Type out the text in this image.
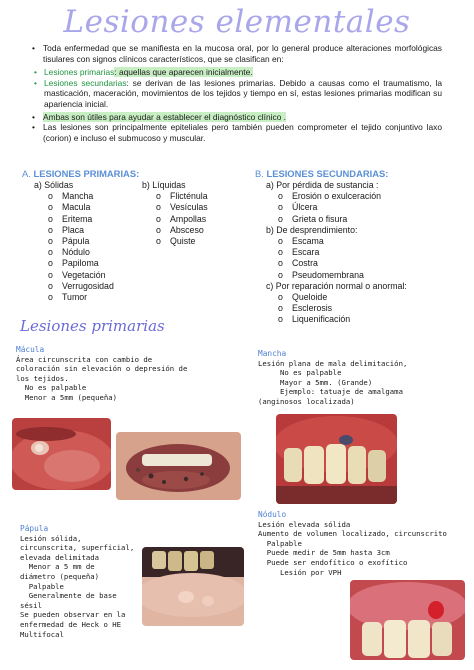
Lesiones elementales
• Toda enfermedad que se manifiesta en la mucosa oral, por lo general produce alteraciones morfológicas tisulares con signos clínicos característicos, que se clasifican en:
• Lesiones primarias: aquellas que aparecen inicialmente.
• Lesiones secundarias: se derivan de las lesiones primarias. Debido a causas como el traumatismo, la masticación, maceración, movimientos de los tejidos y tiempo en sí, estas lesiones primarias modifican su apariencia inicial.
• Ambas son útiles para ayudar a establecer el diagnóstico clínico .
• Las lesiones son principalmente epiteliales pero también pueden comprometer el tejido conjuntivo laxo (corion) e incluso el submucoso y muscular.
A. LESIONES PRIMARIAS:
a) Sólidas
o Mancha
o Macula
o Eritema
o Placa
o Pápula
o Nódulo
o Papiloma
o Vegetación
o Verrugosidad
o Tumor
b) Líquidas
o Flicténula
o Vesículas
o Ampollas
o Absceso
o Quiste
B. LESIONES SECUNDARIAS:
a) Por pérdida de sustancia :
o Erosión o exulceración
o Úlcera
o Grieta o fisura
b) De desprendimiento:
o Escama
o Escara
o Costra
o Pseudomembrana
c) Por reparación normal o anormal:
o Queloide
o Esclerosis
o Liquenificación
Lesiones primarias
Mácula
Área circunscrita con cambio de
coloración sin elevación o depresión de
los tejidos.
No es palpable
Menor a 5mm (pequeña)
Mancha
Lesión plana de mala delimitación,
No es palpable
Mayor a 5mm. (Grande)
Ejemplo: tatuaje de amalgama
(anginosos localizada)
Pápula
Lesión sólida,
circunscrita, superficial,
elevada delimitada
Menor a 5 mm de
diámetro (pequeña)
Palpable
Generalmente de base
sésil
Se pueden observar en la
enfermedad de Heck o HE
Multifocal
Nódulo
Lesión elevada sólida
Aumento de volumen localizado, circunscrito
Palpable
Puede medir de 5mm hasta 3cm
Puede ser endofítico o exofítico
Lesión por VPH
